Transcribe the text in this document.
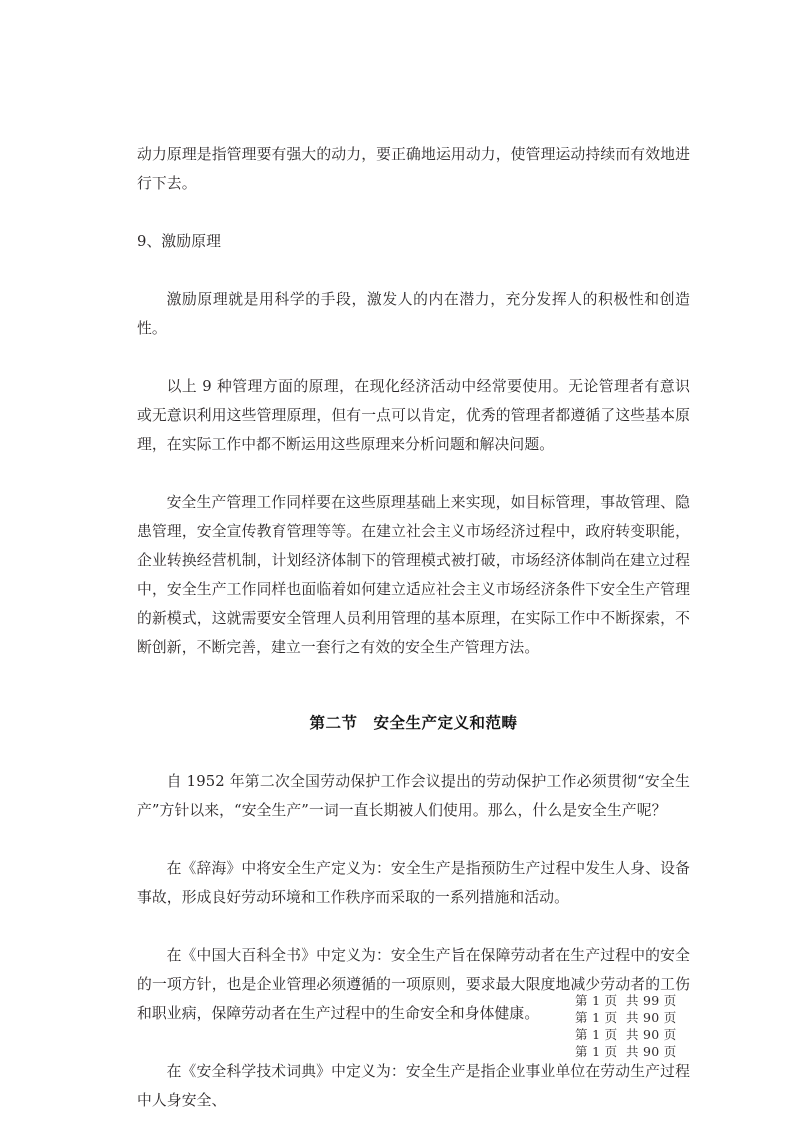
动力原理是指管理要有强大的动力，要正确地运用动力，使管理运动持续而有效地进行下去。

9、激励原理

激励原理就是用科学的手段，激发人的内在潜力，充分发挥人的积极性和创造性。

以上 9 种管理方面的原理，在现化经济活动中经常要使用。无论管理者有意识或无意识利用这些管理原理，但有一点可以肯定，优秀的管理者都遵循了这些基本原理，在实际工作中都不断运用这些原理来分析问题和解决问题。

安全生产管理工作同样要在这些原理基础上来实现，如目标管理，事故管理、隐患管理，安全宣传教育管理等等。在建立社会主义市场经济过程中，政府转变职能，企业转换经营机制，计划经济体制下的管理模式被打破，市场经济体制尚在建立过程中，安全生产工作同样也面临着如何建立适应社会主义市场经济条件下安全生产管理的新模式，这就需要安全管理人员利用管理的基本原理，在实际工作中不断探索，不断创新，不断完善，建立一套行之有效的安全生产管理方法。

第二节　安全生产定义和范畴

自 1952 年第二次全国劳动保护工作会议提出的劳动保护工作必须贯彻“安全生产”方针以来，“安全生产”一词一直长期被人们使用。那么，什么是安全生产呢？

在《辞海》中将安全生产定义为：安全生产是指预防生产过程中发生人身、设备事故，形成良好劳动环境和工作秩序而采取的一系列措施和活动。

在《中国大百科全书》中定义为：安全生产旨在保障劳动者在生产过程中的安全的一项方针，也是企业管理必须遵循的一项原则，要求最大限度地减少劳动者的工伤和职业病，保障劳动者在生产过程中的生命安全和身体健康。

在《安全科学技术词典》中定义为：安全生产是指企业事业单位在劳动生产过程中人身安全、

第 1 页  共 99 页
第 1 页  共 90 页
第 1 页  共 90 页
第 1 页  共 90 页
